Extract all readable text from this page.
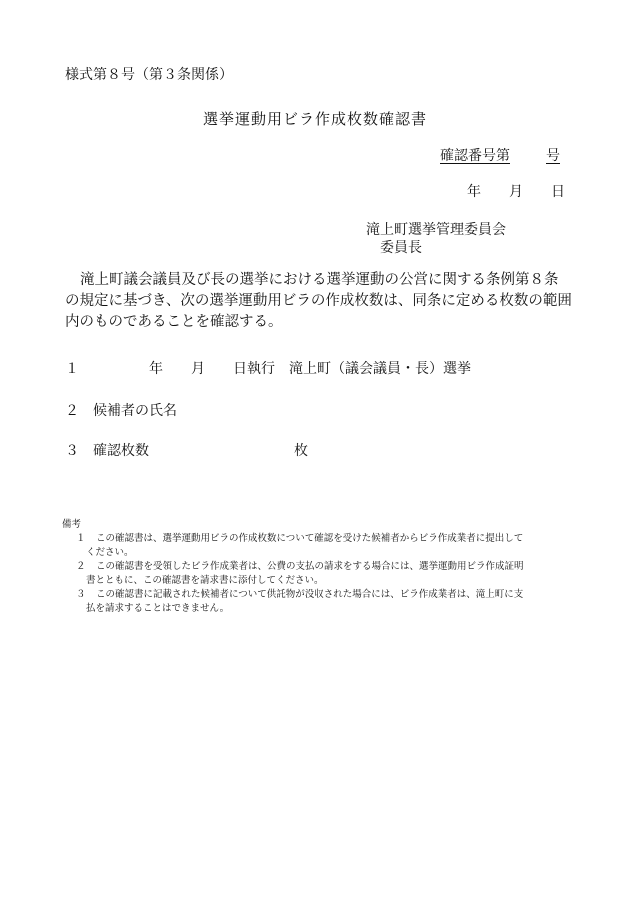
様式第８号（第３条関係）
選挙運動用ビラ作成枚数確認書
確認番号第	号
年 月 日
滝上町選挙管理委員会
委員長
滝上町議会議員及び長の選挙における選挙運動の公営に関する条例第８条
の規定に基づき、次の選挙運動用ビラの作成枚数は、同条に定める枚数の範囲
内のものであることを確認する。
１	年 月 日執行　滝上町（議会議員・長）選挙
２ 候補者の氏名
３ 確認枚数	枚
備考
１	この確認書は、選挙運動用ビラの作成枚数について確認を受けた候補者からビラ作成業者に提出して
ください。
２	この確認書を受領したビラ作成業者は、公費の支払の請求をする場合には、選挙運動用ビラ作成証明
書とともに、この確認書を請求書に添付してください。
３	この確認書に記載された候補者について供託物が没収された場合には、ビラ作成業者は、滝上町に支
払を請求することはできません。
